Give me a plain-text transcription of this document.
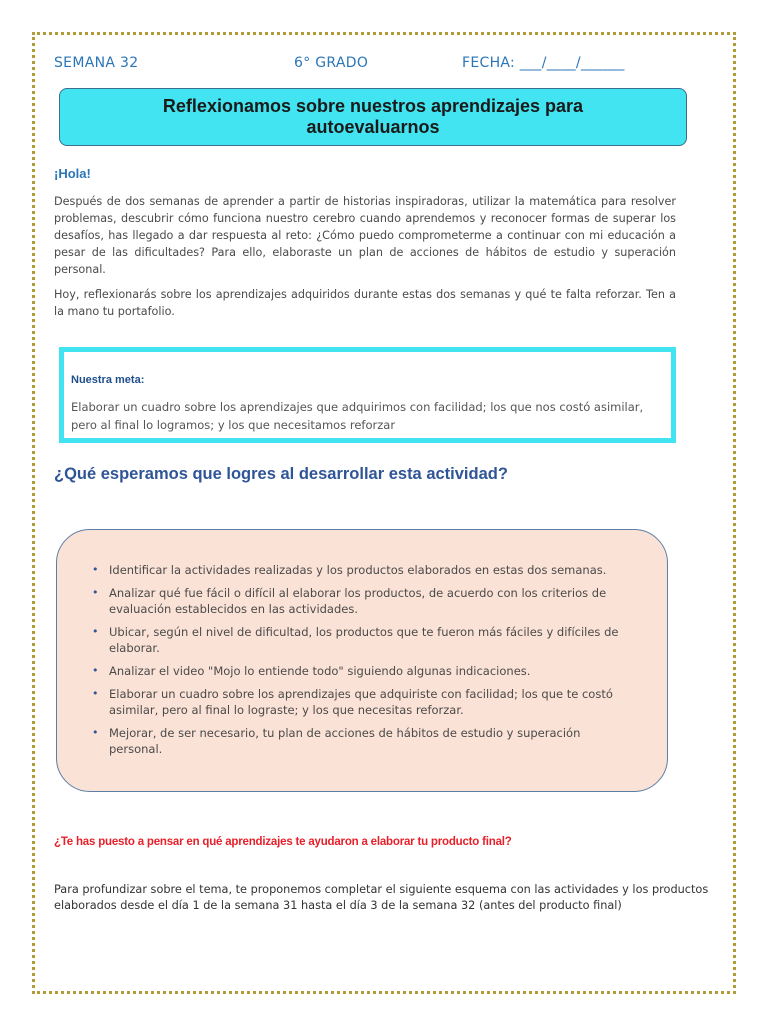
SEMANA 32	6° GRADO	FECHA: ___/____/______
Reflexionamos sobre nuestros aprendizajes para autoevaluarnos
¡Hola!
Después de dos semanas de aprender a partir de historias inspiradoras, utilizar la matemática para resolver problemas, descubrir cómo funciona nuestro cerebro cuando aprendemos y reconocer formas de superar los desafíos, has llegado a dar respuesta al reto: ¿Cómo puedo comprometerme a continuar con mi educación a pesar de las dificultades? Para ello, elaboraste un plan de acciones de hábitos de estudio y superación personal.
Hoy, reflexionarás sobre los aprendizajes adquiridos durante estas dos semanas y qué te falta reforzar. Ten a la mano tu portafolio.
Nuestra meta:
Elaborar un cuadro sobre los aprendizajes que adquirimos con facilidad; los que nos costó asimilar, pero al final lo logramos; y los que necesitamos reforzar
¿Qué esperamos que logres al desarrollar esta actividad?
• Identificar la actividades realizadas y los productos elaborados en estas dos semanas.
• Analizar qué fue fácil o difícil al elaborar los productos, de acuerdo con los criterios de evaluación establecidos en las actividades.
• Ubicar, según el nivel de dificultad, los productos que te fueron más fáciles y difíciles de elaborar.
• Analizar el video "Mojo lo entiende todo" siguiendo algunas indicaciones.
• Elaborar un cuadro sobre los aprendizajes que adquiriste con facilidad; los que te costó asimilar, pero al final lo lograste; y los que necesitas reforzar.
• Mejorar, de ser necesario, tu plan de acciones de hábitos de estudio y superación personal.
¿Te has puesto a pensar en qué aprendizajes te ayudaron a elaborar tu producto final?
Para profundizar sobre el tema, te proponemos completar el siguiente esquema con las actividades y los productos elaborados desde el día 1 de la semana 31 hasta el día 3 de la semana 32 (antes del producto final)
